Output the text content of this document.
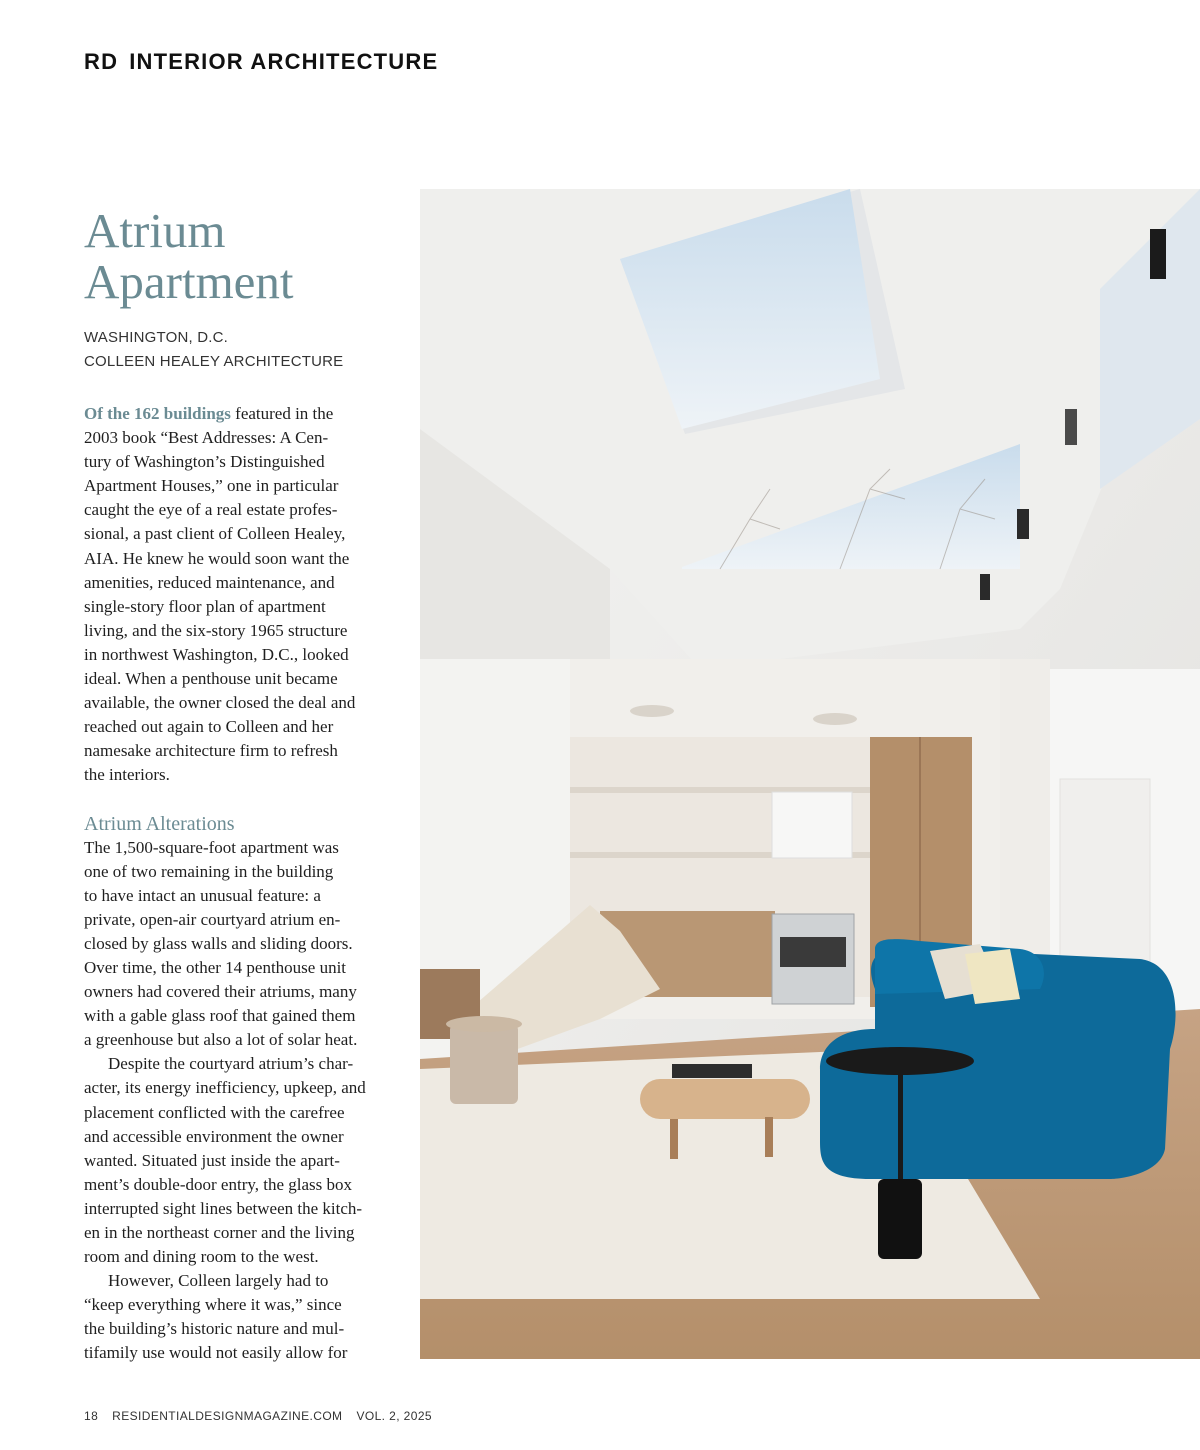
RD INTERIOR ARCHITECTURE
Atrium
Apartment
WASHINGTON, D.C.
COLLEEN HEALEY ARCHITECTURE
Of the 162 buildings featured in the
2003 book “Best Addresses: A Cen-
tury of Washington’s Distinguished
Apartment Houses,” one in particular
caught the eye of a real estate profes-
sional, a past client of Colleen Healey,
AIA. He knew he would soon want the
amenities, reduced maintenance, and
single-story floor plan of apartment
living, and the six-story 1965 structure
in northwest Washington, D.C., looked
ideal. When a penthouse unit became
available, the owner closed the deal and
reached out again to Colleen and her
namesake architecture firm to refresh
the interiors.
Atrium Alterations
The 1,500-square-foot apartment was
one of two remaining in the building
to have intact an unusual feature: a
private, open-air courtyard atrium en-
closed by glass walls and sliding doors.
Over time, the other 14 penthouse unit
owners had covered their atriums, many
with a gable glass roof that gained them
a greenhouse but also a lot of solar heat.
Despite the courtyard atrium’s char-
acter, its energy inefficiency, upkeep, and
placement conflicted with the carefree
and accessible environment the owner
wanted. Situated just inside the apart-
ment’s double-door entry, the glass box
interrupted sight lines between the kitch-
en in the northeast corner and the living
room and dining room to the west.
However, Colleen largely had to
“keep everything where it was,” since
the building’s historic nature and mul-
tifamily use would not easily allow for
18 RESIDENTIALDESIGNMAGAZINE.COM VOL. 2, 2025
